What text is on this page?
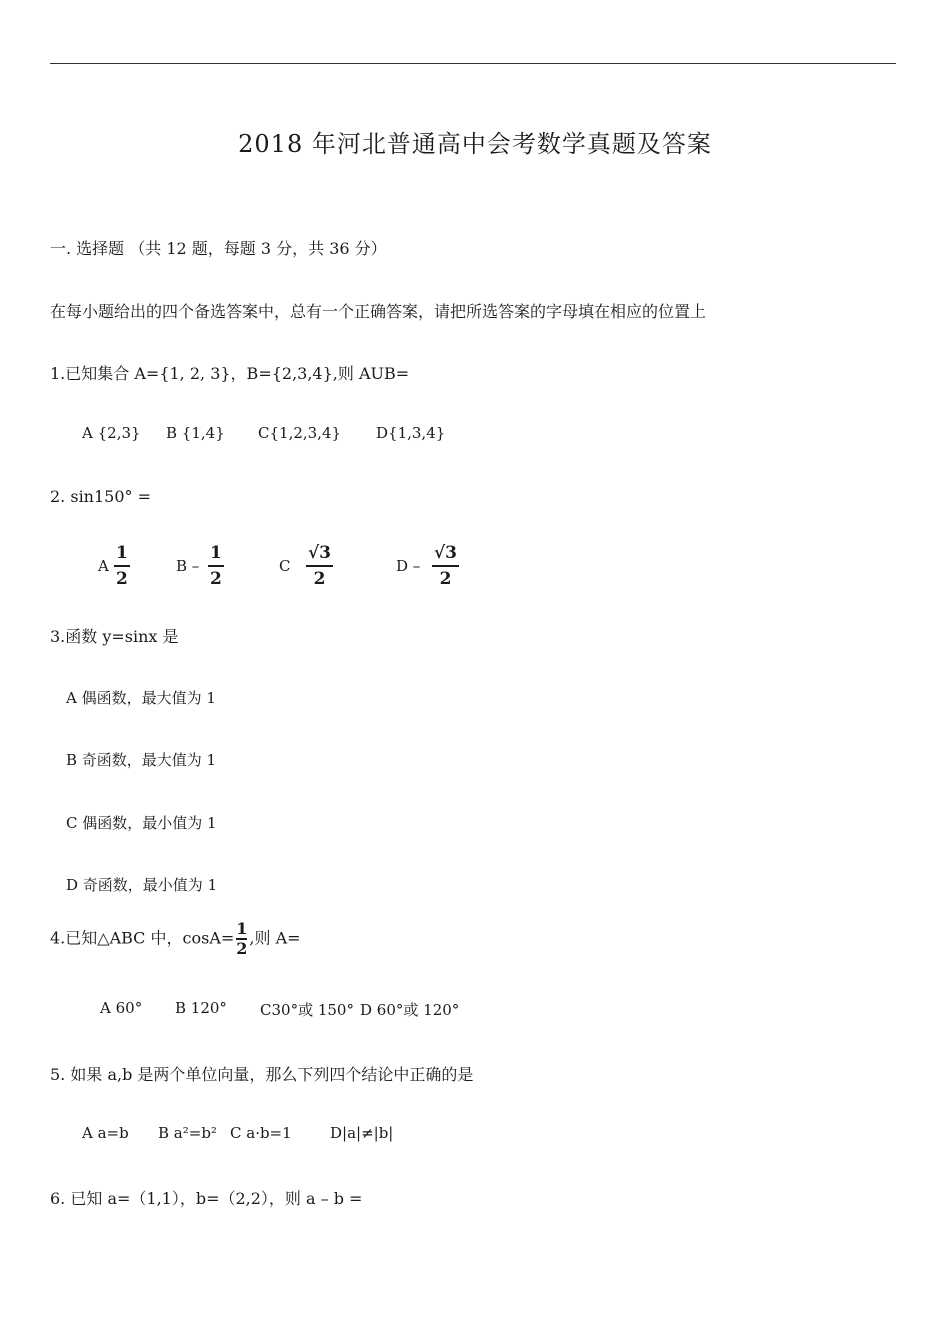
2018 年河北普通高中会考数学真题及答案
一. 选择题 （共 12 题，每题 3 分，共 36 分）
在每小题给出的四个备选答案中，总有一个正确答案，请把所选答案的字母填在相应的位置上
1.已知集合 A={1, 2, 3}，B={2,3,4},则 AUB=
A {2,3} B {1,4} C{1,2,3,4} D{1,3,4}
2. sin150° =
A
1
2
B –
1
2
C
√3
2
D –
√3
2
3.函数 y=sinx 是
A 偶函数，最大值为 1
B 奇函数，最大值为 1
C 偶函数，最小值为 1
D 奇函数，最小值为 1
4.已知△ABC 中，$\cos A= \frac{1}{2}$ ,则 A=
A 60° B 120° C30°或 150° D 60°或 120°
5. 如果 a,b 是两个单位向量，那么下列四个结论中正确的是
A a=b B a²=b² C a·b=1	D|a|≠|b|
6. 已知 a=（1,1），b=（2,2），则 a – b =
